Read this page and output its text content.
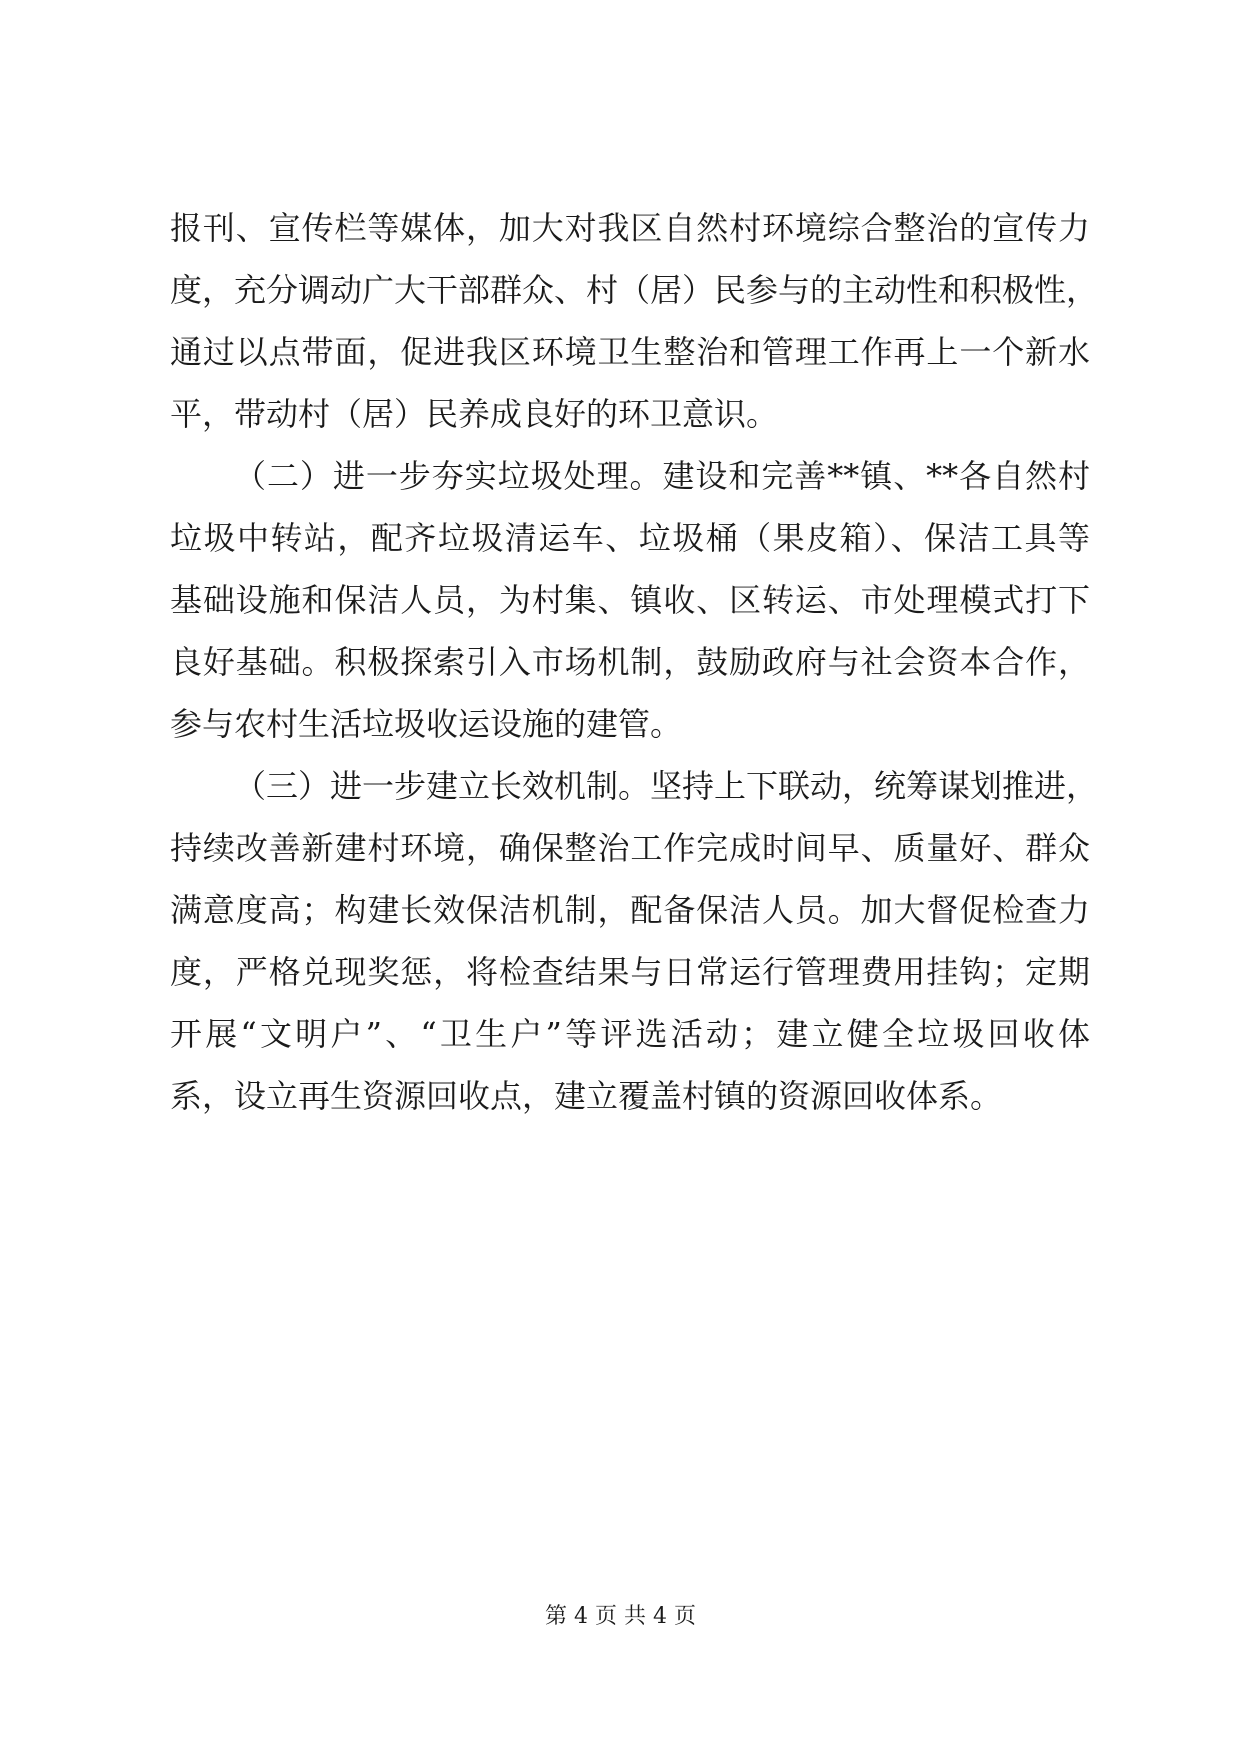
报刊、宣传栏等媒体，加大对我区自然村环境综合整治的宣传力
度，充分调动广大干部群众、村（居）民参与的主动性和积极性，
通过以点带面，促进我区环境卫生整治和管理工作再上一个新水
平，带动村（居）民养成良好的环卫意识。
（二）进一步夯实垃圾处理。建设和完善**镇、**各自然村
垃圾中转站，配齐垃圾清运车、垃圾桶（果皮箱）、保洁工具等
基础设施和保洁人员，为村集、镇收、区转运、市处理模式打下
良好基础。积极探索引入市场机制，鼓励政府与社会资本合作，
参与农村生活垃圾收运设施的建管。
（三）进一步建立长效机制。坚持上下联动，统筹谋划推进，
持续改善新建村环境，确保整治工作完成时间早、质量好、群众
满意度高；构建长效保洁机制，配备保洁人员。加大督促检查力
度，严格兑现奖惩，将检查结果与日常运行管理费用挂钩；定期
开展“文明户”、“卫生户”等评选活动；建立健全垃圾回收体
系，设立再生资源回收点，建立覆盖村镇的资源回收体系。
第 4 页 共 4 页
